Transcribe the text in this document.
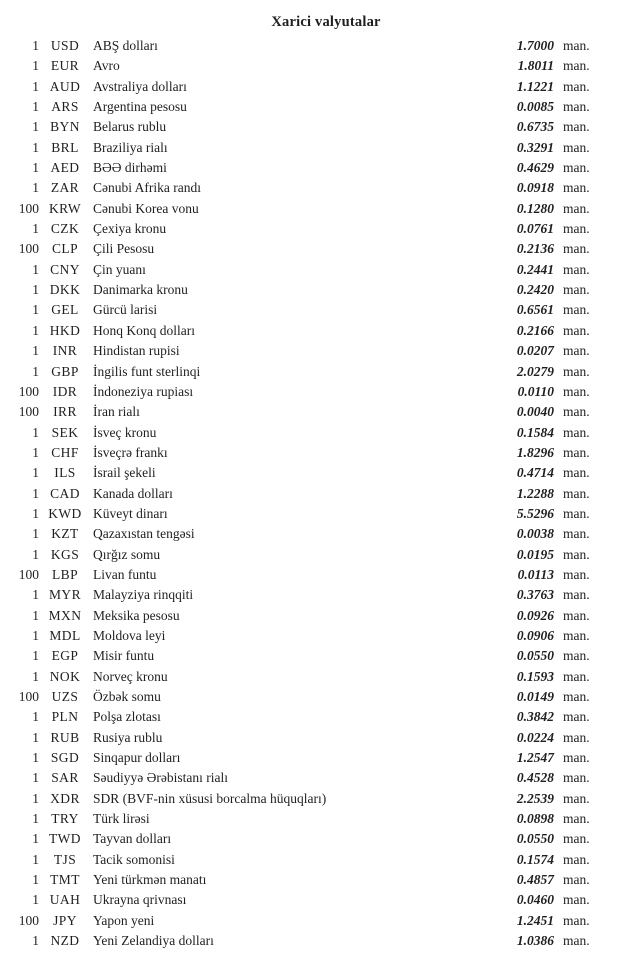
Xarici valyutalar
1 USD	ABŞ dolları	1.7000 man.
1 EUR	Avro	1.8011 man.
1 AUD Avstraliya dolları	1.1221 man.
1 ARS	Argentina pesosu	0.0085 man.
1 BYN Belarus rublu	0.6735 man.
1 BRL	Braziliya rialı	0.3291 man.
1 AED	BƏƏ dirhəmi	0.4629 man.
1 ZAR	Cənubi Afrika randı	0.0918 man.
100 KRW Cənubi Korea vonu	0.1280 man.
1 CZK	Çexiya kronu	0.0761 man.
100 CLP	Çili Pesosu	0.2136 man.
1 CNY Çin yuanı	0.2441 man.
1 DKK Danimarka kronu	0.2420 man.
1 GEL	Gürcü larisi	0.6561 man.
1 HKD Honq Konq dolları	0.2166 man.
1	INR	Hindistan rupisi	0.0207 man.
1 GBP	İngilis funt sterlinqi	2.0279 man.
100	IDR	İndoneziya rupiası	0.0110 man.
100	IRR	İran rialı	0.0040 man.
1 SEK	İsveç kronu	0.1584 man.
1 CHF	İsveçrə frankı	1.8296 man.
1	ILS	İsrail şekeli	0.4714 man.
1 CAD Kanada dolları	1.2288 man.
1 KWD Küveyt dinarı	5.5296 man.
1 KZT	Qazaxıstan tengəsi	0.0038 man.
1 KGS	Qırğız somu	0.0195 man.
100 LBP	Livan funtu	0.0113 man.
1 MYR Malayziya rinqqiti	0.3763 man.
1 MXN Meksika pesosu	0.0926 man.
1 MDL Moldova leyi	0.0906 man.
1 EGP	Misir funtu	0.0550 man.
1 NOK Norveç kronu	0.1593 man.
100 UZS	Özbək somu	0.0149 man.
1 PLN	Polşa zlotası	0.3842 man.
1 RUB	Rusiya rublu	0.0224 man.
1 SGD	Sinqapur dolları	1.2547 man.
1 SAR	Səudiyyə Ərəbistanı rialı	0.4528 man.
1 XDR SDR (BVF-nin xüsusi borcalma hüquqları)	2.2539 man.
1 TRY	Türk lirəsi	0.0898 man.
1 TWD Tayvan dolları	0.0550 man.
1	TJS	Tacik somonisi	0.1574 man.
1 TMT Yeni türkmən manatı	0.4857 man.
1 UAH Ukrayna qrivnası	0.0460 man.
100	JPY	Yapon yeni	1.2451 man.
1 NZD	Yeni Zelandiya dolları	1.0386 man.
